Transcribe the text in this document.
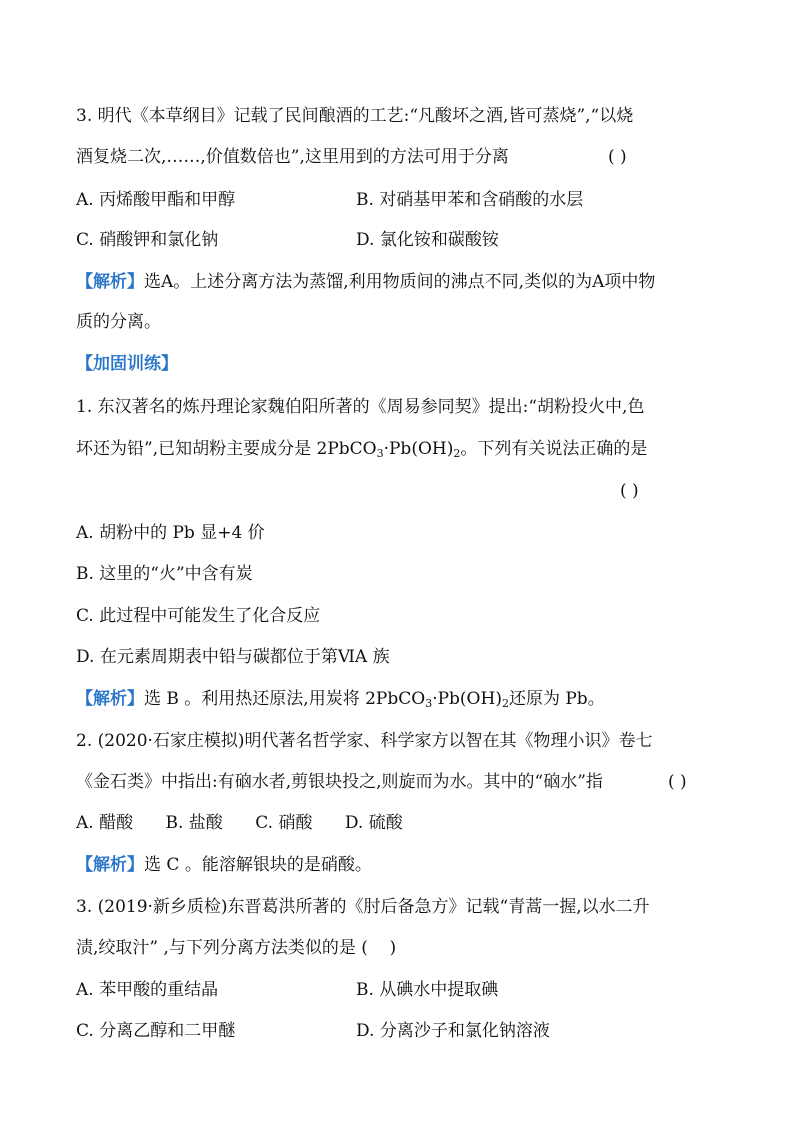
3. 明代《本草纲目》记载了民间酿酒的工艺:“凡酸坏之酒,皆可蒸烧”,“以烧
酒复烧二次,……,价值数倍也”,这里用到的方法可用于分离	( )
A. 丙烯酸甲酯和甲醇	B. 对硝基甲苯和含硝酸的水层
C. 硝酸钾和氯化钠	D. 氯化铵和碳酸铵
【解析】选A。上述分离方法为蒸馏,利用物质间的沸点不同,类似的为A项中物
质的分离。
【加固训练】
1. 东汉著名的炼丹理论家魏伯阳所著的《周易参同契》提出:“胡粉投火中,色
坏还为铅”,已知胡粉主要成分是 $2PbCO_3\cdot Pb(OH)_2$。下列有关说法正确的是
( )
A. 胡粉中的 Pb 显+4 价
B. 这里的“火”中含有炭
C. 此过程中可能发生了化合反应
D. 在元素周期表中铅与碳都位于第ⅥA 族
【解析】选 B 。利用热还原法,用炭将 $2PbCO_3\cdot Pb(OH)_2$还原为 Pb。
2. (2020·石家庄模拟)明代著名哲学家、科学家方以智在其《物理小识》卷七
《金石类》中指出:有硇水者,剪银块投之,则旋而为水。其中的“硇水”指	( )
A. 醋酸      B. 盐酸      C. 硝酸      D. 硫酸
【解析】选 C 。能溶解银块的是硝酸。
3. (2019·新乡质检)东晋葛洪所著的《肘后备急方》记载“青蒿一握,以水二升
渍,绞取汁” ,与下列分离方法类似的是 (    )
A. 苯甲酸的重结晶	B. 从碘水中提取碘
C. 分离乙醇和二甲醚	D. 分离沙子和氯化钠溶液
